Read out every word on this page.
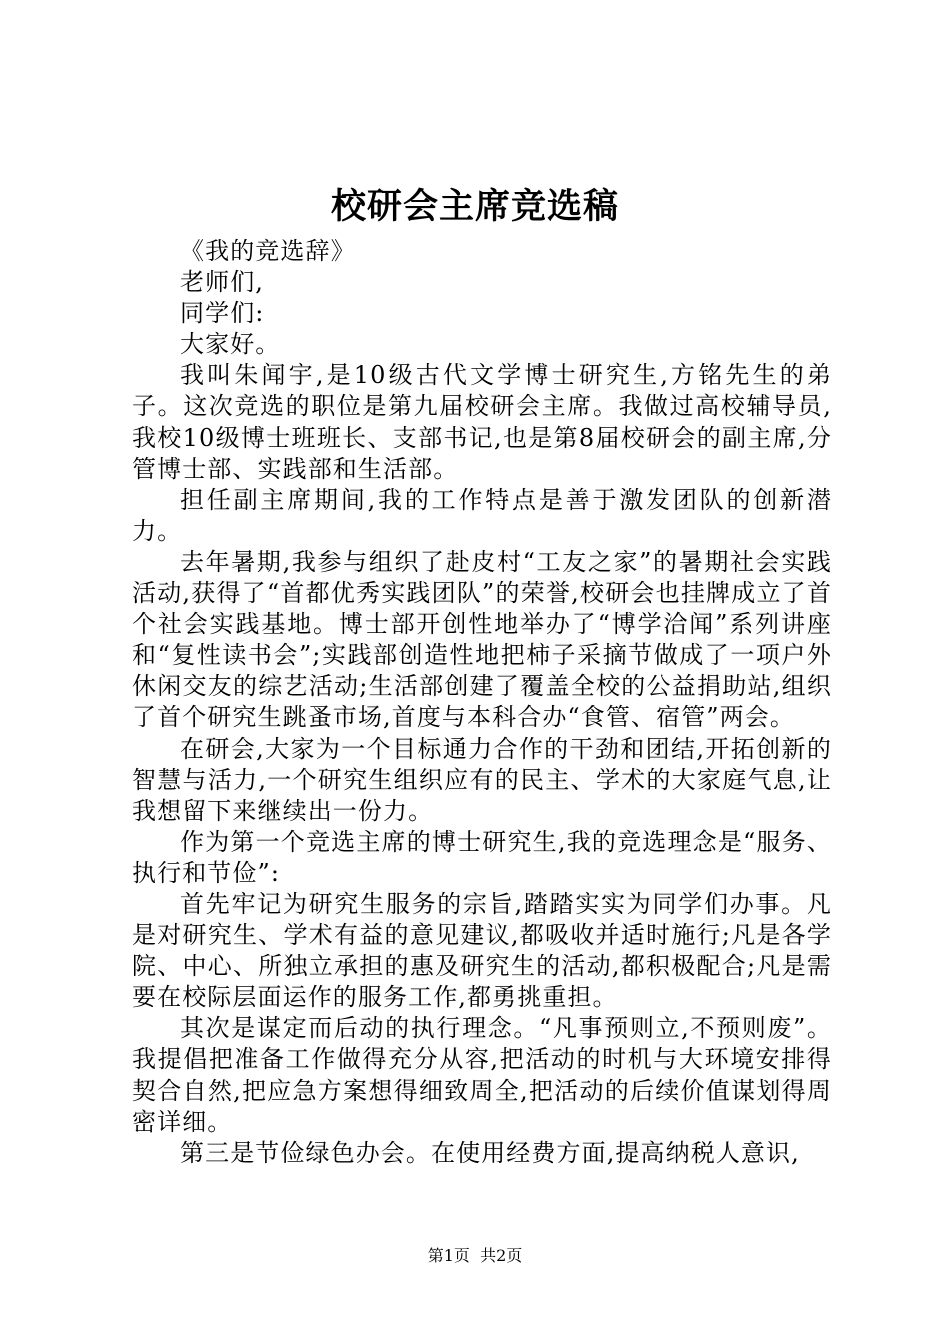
校研会主席竞选稿

《我的竞选辞》

老师们,

同学们:

大家好。

我叫朱闻宇,是10级古代文学博士研究生,方铭先生的弟子。这次竞选的职位是第九届校研会主席。我做过高校辅导员,我校10级博士班班长、支部书记,也是第8届校研会的副主席,分管博士部、实践部和生活部。

担任副主席期间,我的工作特点是善于激发团队的创新潜力。

去年暑期,我参与组织了赴皮村“工友之家”的暑期社会实践活动,获得了“首都优秀实践团队”的荣誉,校研会也挂牌成立了首个社会实践基地。博士部开创性地举办了“博学洽闻”系列讲座和“复性读书会”;实践部创造性地把柿子采摘节做成了一项户外休闲交友的综艺活动;生活部创建了覆盖全校的公益捐助站,组织了首个研究生跳蚤市场,首度与本科合办“食管、宿管”两会。

在研会,大家为一个目标通力合作的干劲和团结,开拓创新的智慧与活力,一个研究生组织应有的民主、学术的大家庭气息,让我想留下来继续出一份力。

作为第一个竞选主席的博士研究生,我的竞选理念是“服务、执行和节俭”:

首先牢记为研究生服务的宗旨,踏踏实实为同学们办事。凡是对研究生、学术有益的意见建议,都吸收并适时施行;凡是各学院、中心、所独立承担的惠及研究生的活动,都积极配合;凡是需要在校际层面运作的服务工作,都勇挑重担。

其次是谋定而后动的执行理念。“凡事预则立,不预则废”。我提倡把准备工作做得充分从容,把活动的时机与大环境安排得契合自然,把应急方案想得细致周全,把活动的后续价值谋划得周密详细。

第三是节俭绿色办会。在使用经费方面,提高纳税人意识,

第1页 共2页
